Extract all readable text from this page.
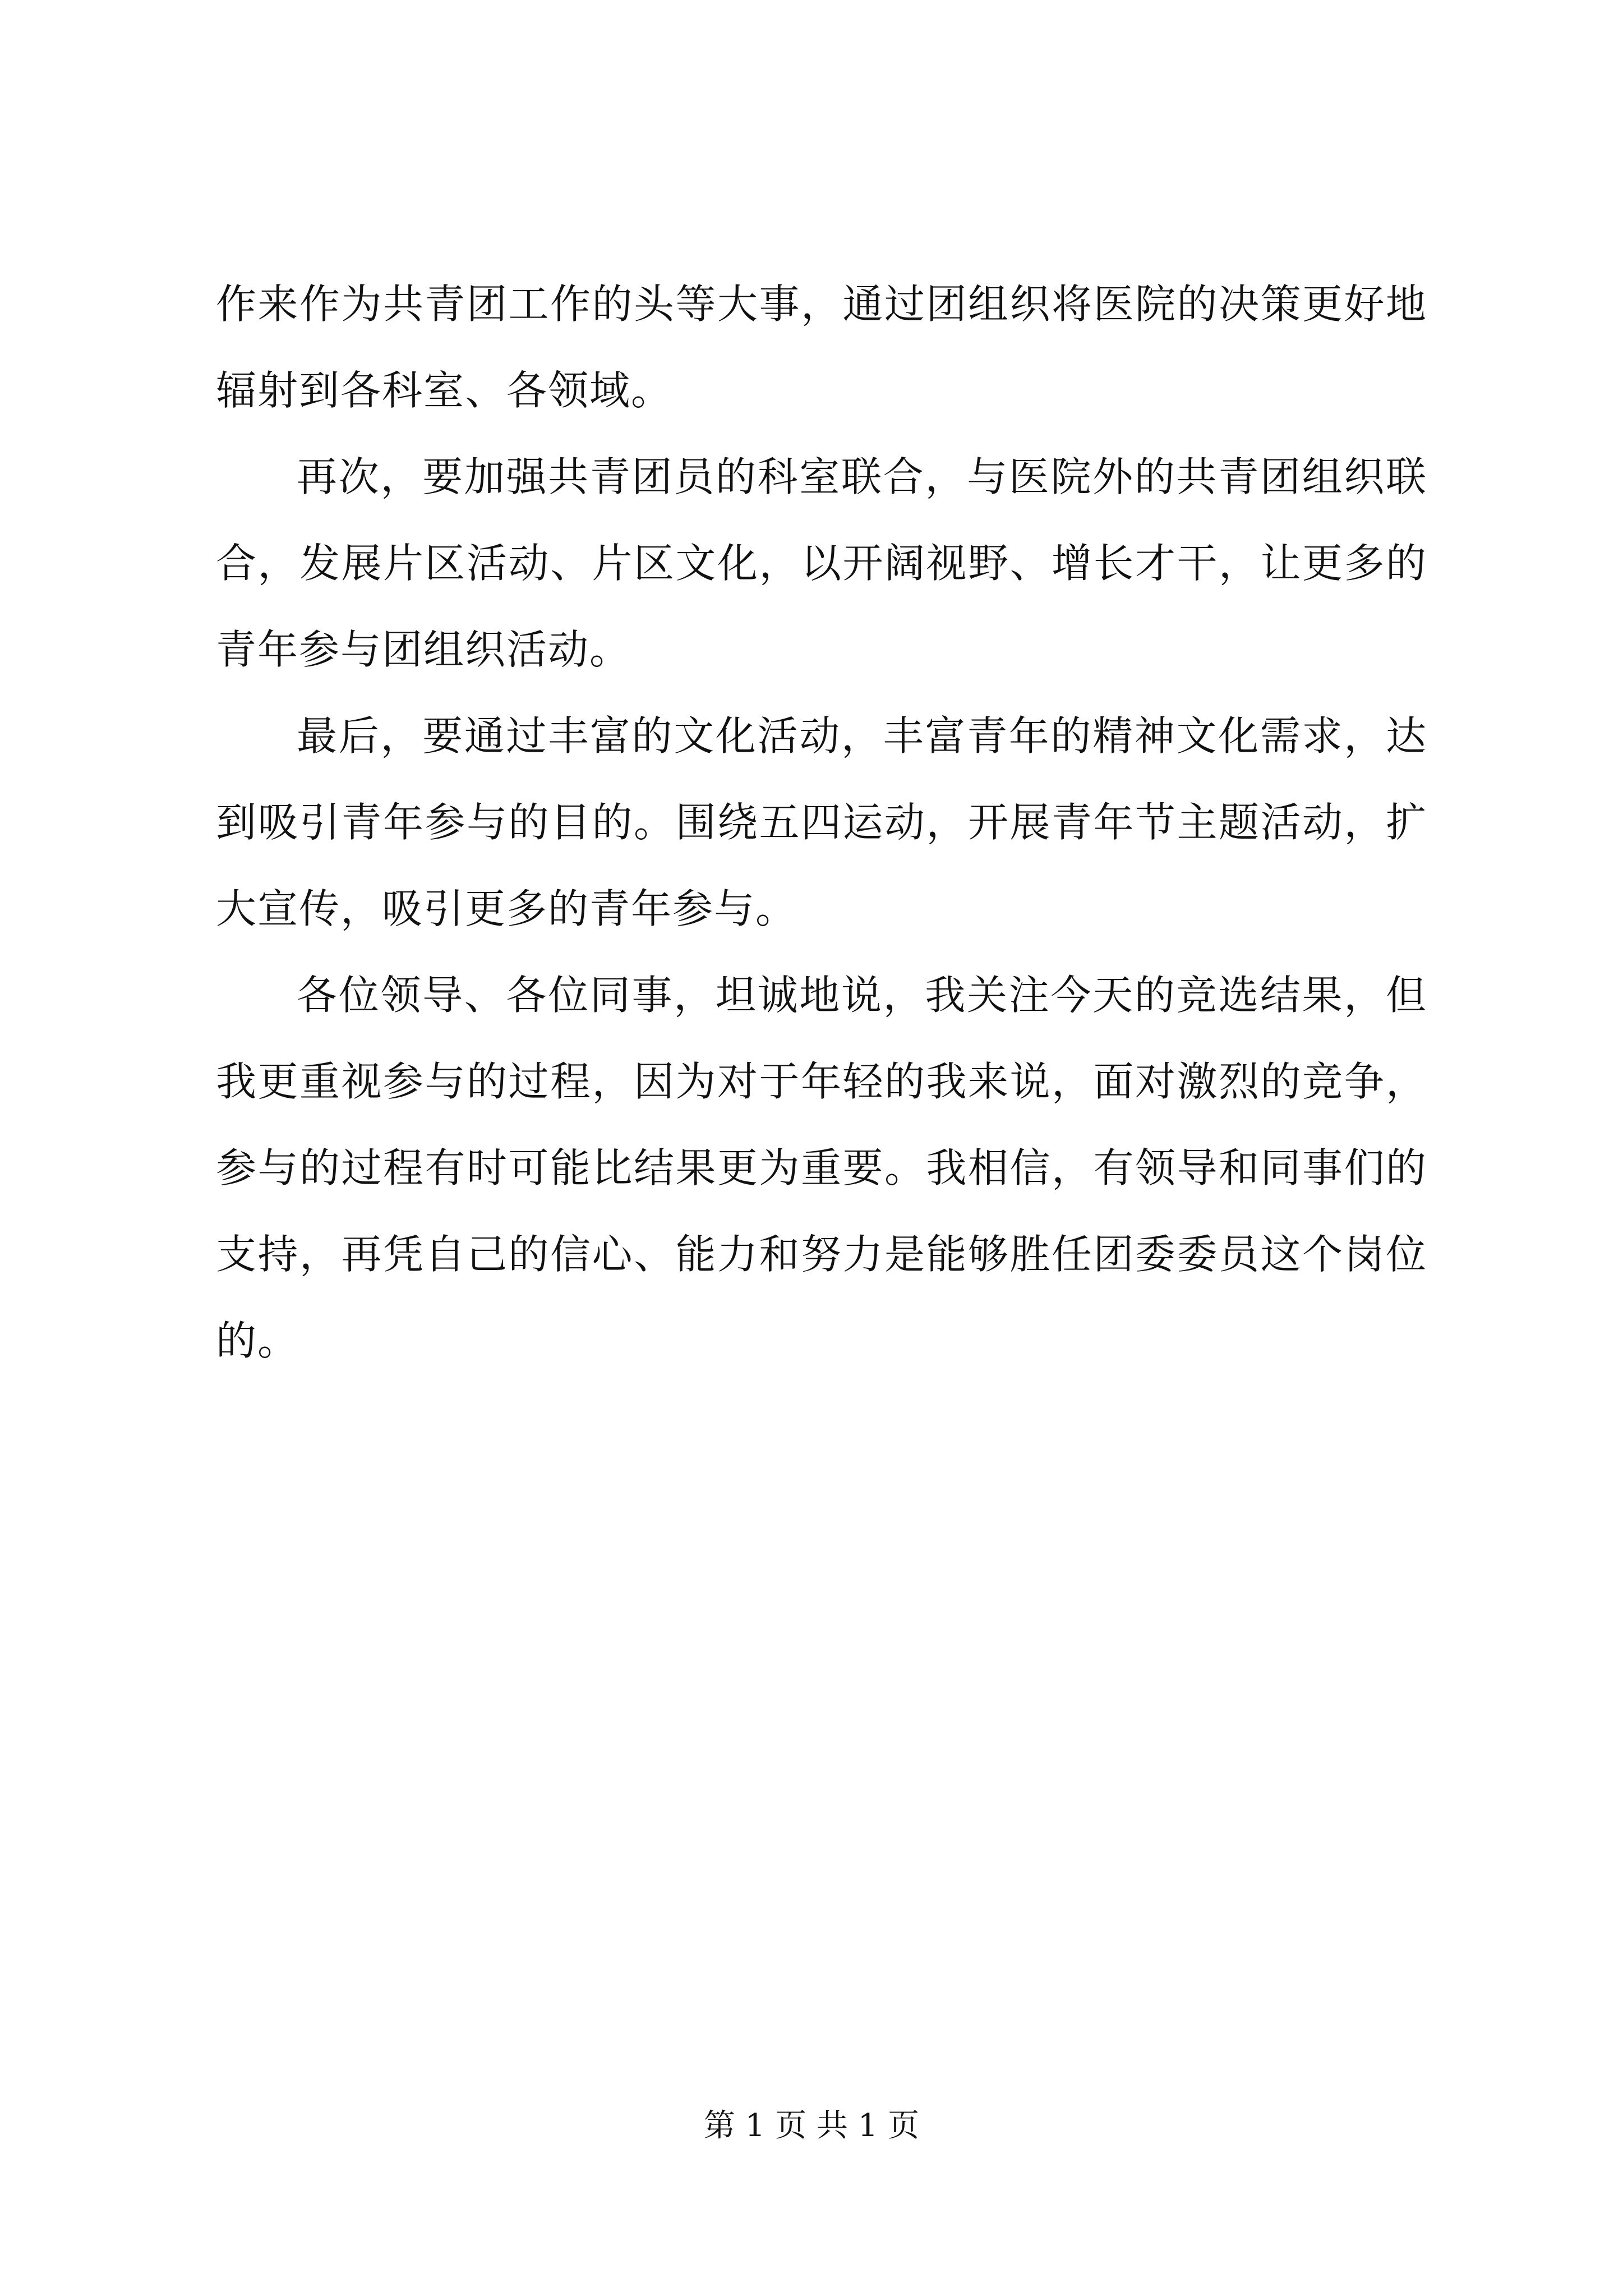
作来作为共青团工作的头等大事，通过团组织将医院的决策更好地辐射到各科室、各领域。

再次，要加强共青团员的科室联合，与医院外的共青团组织联合，发展片区活动、片区文化，以开阔视野、增长才干，让更多的青年参与团组织活动。

最后，要通过丰富的文化活动，丰富青年的精神文化需求，达到吸引青年参与的目的。围绕五四运动，开展青年节主题活动，扩大宣传，吸引更多的青年参与。

各位领导、各位同事，坦诚地说，我关注今天的竞选结果，但我更重视参与的过程，因为对于年轻的我来说，面对激烈的竞争，参与的过程有时可能比结果更为重要。我相信，有领导和同事们的支持，再凭自己的信心、能力和努力是能够胜任团委委员这个岗位的。

第 1 页 共 1 页
